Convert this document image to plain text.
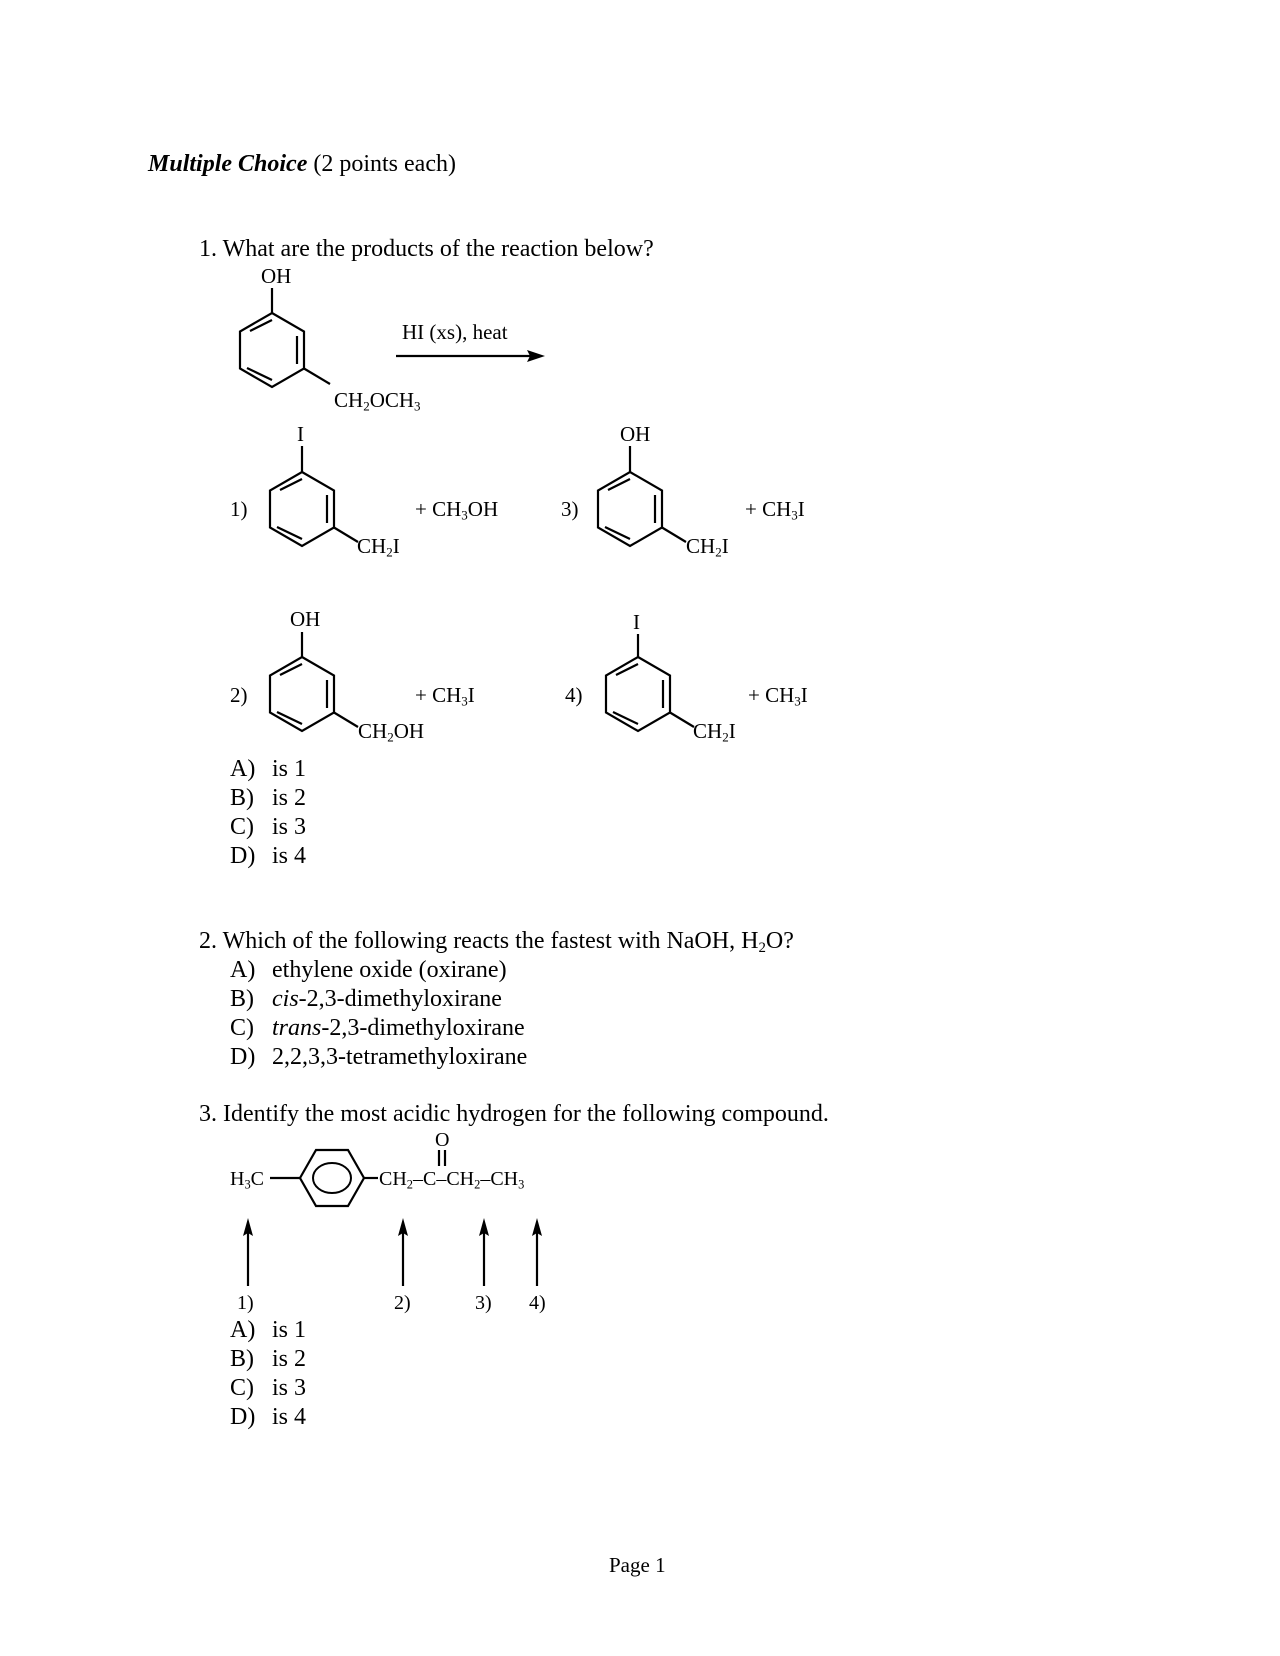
Multiple Choice (2 points each)
1. What are the products of the reaction below?
OH
$CH_2OCH_3$
HI (xs), heat
1)
I
$CH_2I$
+ $CH_3OH$	3)
OH
$CH_2I$
+ $CH_3I$
2)
OH
$CH_2OH$
+ $CH_3I$	4)
I
$CH_2I$
+ $CH_3I$
A) is 1
B) is 2
C) is 3
D) is 4
2. Which of the following reacts the fastest with NaOH, $H_2O$?
A) ethylene oxide (oxirane)
B) cis-2,3-dimethyloxirane
C) trans-2,3-dimethyloxirane
D) 2,2,3,3-tetramethyloxirane
3. Identify the most acidic hydrogen for the following compound.
$H_3C$
O
$CH_2-C-CH_2-CH_3$
1)	2)	3) 4)
A) is 1
B) is 2
C) is 3
D) is 4
Page 1
